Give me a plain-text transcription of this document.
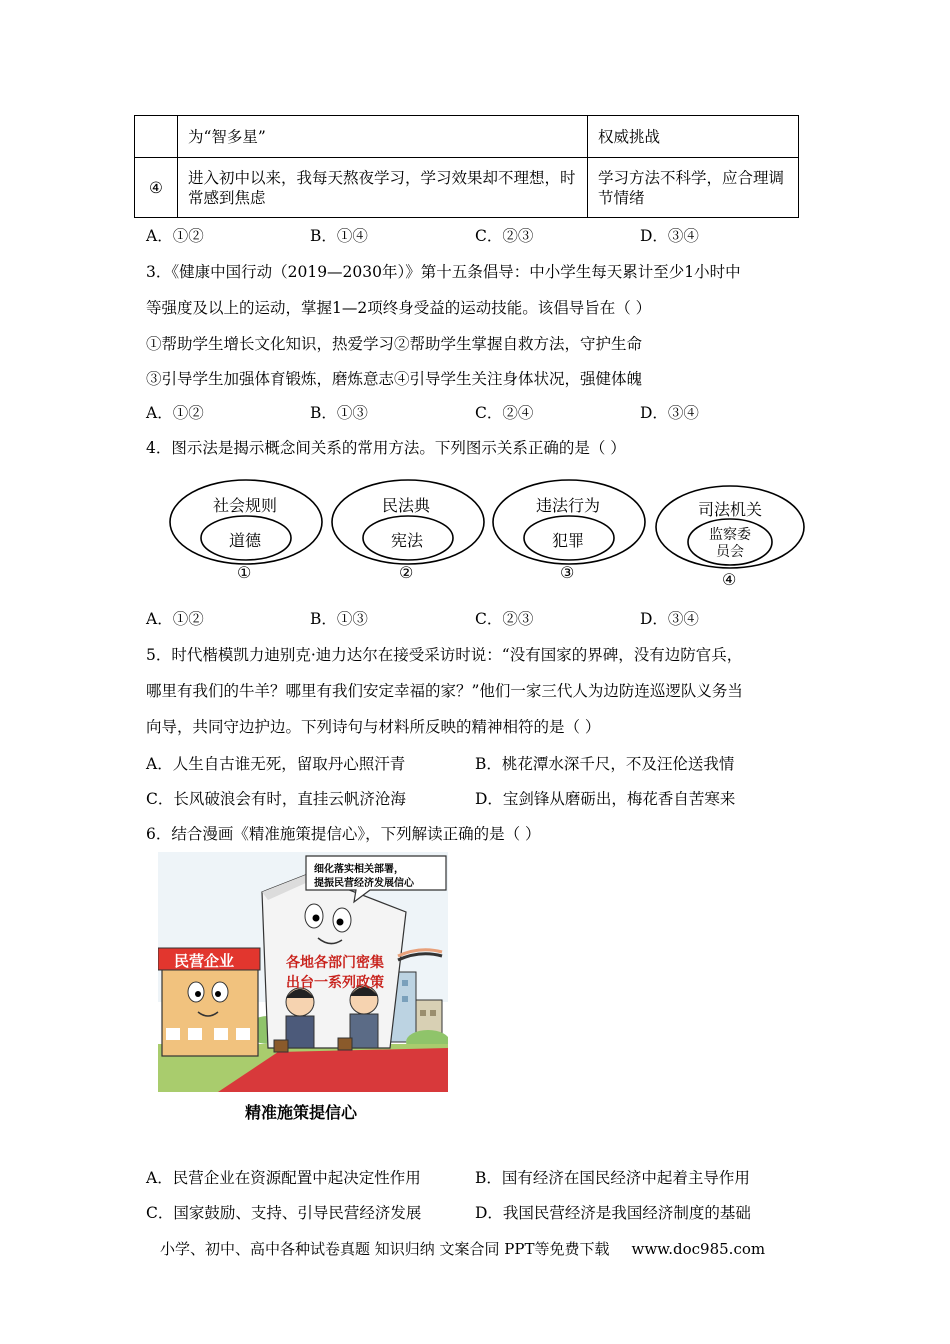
	为“智多星”	权威挑战
④	进入初中以来，我每天熬夜学习，学习效果却不理想，时常感到焦虑	学习方法不科学，应合理调节情绪
A．①②	B．①④	C．②③	D．③④
3．《健康中国行动（2019—2030年）》第十五条倡导：中小学生每天累计至少1小时中
等强度及以上的运动，掌握1—2项终身受益的运动技能。该倡导旨在（ ）
①帮助学生增长文化知识，热爱学习②帮助学生掌握自救方法，守护生命
③引导学生加强体育锻炼，磨炼意志④引导学生关注身体状况，强健体魄
A．①②	B．①③	C．②④	D．③④
4．图示法是揭示概念间关系的常用方法。下列图示关系正确的是（ ）
社会规则
道德
①
民法典
宪法
②
违法行为
犯罪
③
司法机关
监察委
员会
④
A．①②	B．①③	C．②③	D．③④
5．时代楷模凯力迪别克·迪力达尔在接受采访时说：“没有国家的界碑，没有边防官兵，
哪里有我们的牛羊？哪里有我们安定幸福的家？”他们一家三代人为边防连巡逻队义务当
向导，共同守边护边。下列诗句与材料所反映的精神相符的是（ ）
A．人生自古谁无死，留取丹心照汗青	B．桃花潭水深千尺，不及汪伦送我情
C．长风破浪会有时，直挂云帆济沧海	D．宝剑锋从磨砺出，梅花香自苦寒来
6．结合漫画《精准施策提信心》，下列解读正确的是（ ）
细化落实相关部署，
提振民营经济发展信心
各地各部门密集
出台一系列政策
民营企业
精准施策提信心
A．民营企业在资源配置中起决定性作用	B．国有经济在国民经济中起着主导作用
C．国家鼓励、支持、引导民营经济发展	D．我国民营经济是我国经济制度的基础
小学、初中、高中各种试卷真题 知识归纳 文案合同 PPT等免费下载 www.doc985.com
